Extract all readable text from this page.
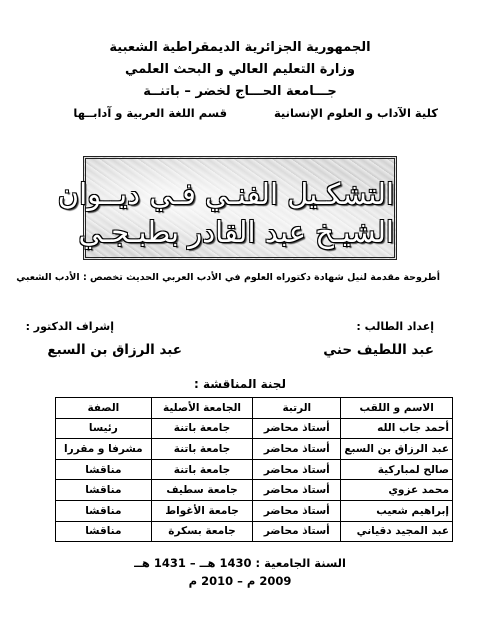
الجمهورية الجزائرية الديمقراطية الشعبية
وزارة التعليم العالي و البحث العلمي
جـــامعة الحـــاج لخضر – باتنــة
كلية الآداب و العلوم الإنسانية
قسم اللغة العربية و آدابــها
التشكـيل الفنـي فـي ديــوان
الشيـخ عبد القادر بطبـجـي
أطروحة مقدمة لنيل شهادة دكتوراه العلوم في الأدب العربي الحديث تخصص : الأدب الشعبي
إعداد الطالب :
إشراف الدكتور :
عبد اللطيف حني
عبد الرزاق بن السبع
لجنة المناقشة :
الاسم و اللقب	الرتبة	الجامعة الأصلية	الصفة
أحمد جاب الله	أستاذ محاضر	جامعة باتنة	رئيسا
عبد الرزاق بن السبع	أستاذ محاضر	جامعة باتنة	مشرفا و مقررا
صالح لمباركية	أستاذ محاضر	جامعة باتنة	مناقشا
محمد عزوي	أستاذ محاضر	جامعة سطيف	مناقشا
إبراهيم شعيب	أستاذ محاضر	جامعة الأغواط	مناقشا
عبد المجيد دقياني	أستاذ محاضر	جامعة بسكرة	مناقشا
السنة الجامعية : 1430 هــ – 1431 هــ
2009 م – 2010 م
